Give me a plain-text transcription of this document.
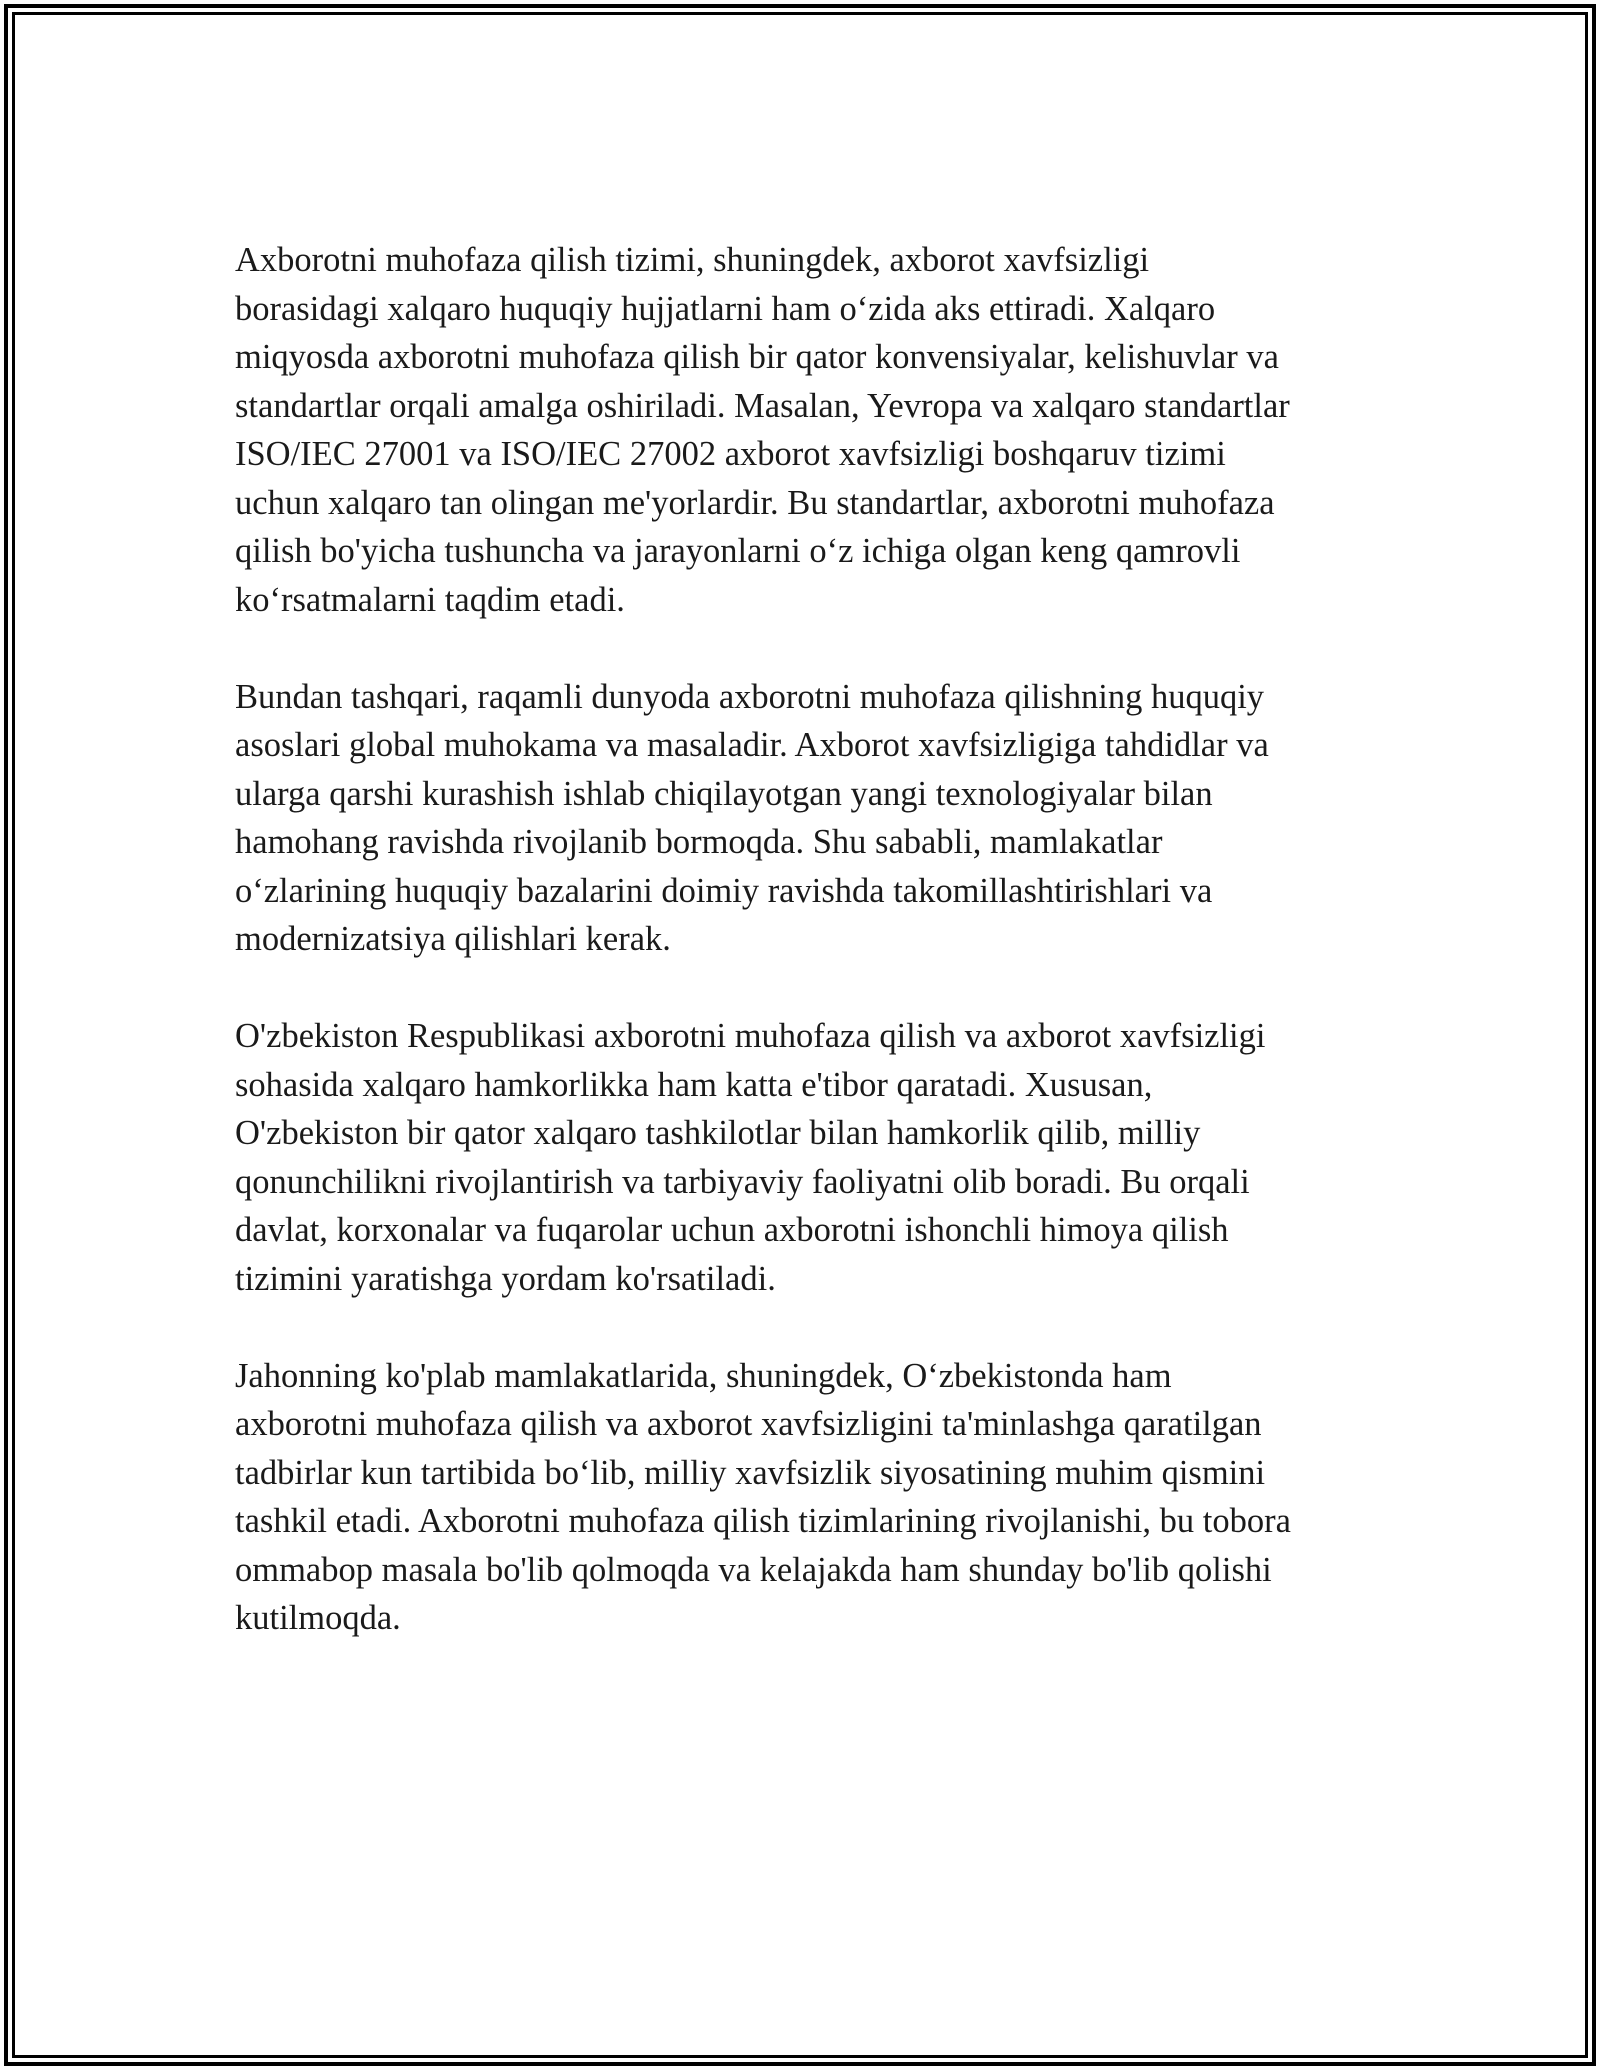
Axborotni muhofaza qilish tizimi, shuningdek, axborot xavfsizligi
borasidagi xalqaro huquqiy hujjatlarni ham o‘zida aks ettiradi. Xalqaro
miqyosda axborotni muhofaza qilish bir qator konvensiyalar, kelishuvlar va
standartlar orqali amalga oshiriladi. Masalan, Yevropa va xalqaro standartlar
ISO/IEC 27001 va ISO/IEC 27002 axborot xavfsizligi boshqaruv tizimi
uchun xalqaro tan olingan me'yorlardir. Bu standartlar, axborotni muhofaza
qilish bo'yicha tushuncha va jarayonlarni o‘z ichiga olgan keng qamrovli
ko‘rsatmalarni taqdim etadi.

Bundan tashqari, raqamli dunyoda axborotni muhofaza qilishning huquqiy
asoslari global muhokama va masaladir. Axborot xavfsizligiga tahdidlar va
ularga qarshi kurashish ishlab chiqilayotgan yangi texnologiyalar bilan
hamohang ravishda rivojlanib bormoqda. Shu sababli, mamlakatlar
o‘zlarining huquqiy bazalarini doimiy ravishda takomillashtirishlari va
modernizatsiya qilishlari kerak.

O'zbekiston Respublikasi axborotni muhofaza qilish va axborot xavfsizligi
sohasida xalqaro hamkorlikka ham katta e'tibor qaratadi. Xususan,
O'zbekiston bir qator xalqaro tashkilotlar bilan hamkorlik qilib, milliy
qonunchilikni rivojlantirish va tarbiyaviy faoliyatni olib boradi. Bu orqali
davlat, korxonalar va fuqarolar uchun axborotni ishonchli himoya qilish
tizimini yaratishga yordam ko'rsatiladi.

Jahonning ko'plab mamlakatlarida, shuningdek, O‘zbekistonda ham
axborotni muhofaza qilish va axborot xavfsizligini ta'minlashga qaratilgan
tadbirlar kun tartibida bo‘lib, milliy xavfsizlik siyosatining muhim qismini
tashkil etadi. Axborotni muhofaza qilish tizimlarining rivojlanishi, bu tobora
ommabop masala bo'lib qolmoqda va kelajakda ham shunday bo'lib qolishi
kutilmoqda.
